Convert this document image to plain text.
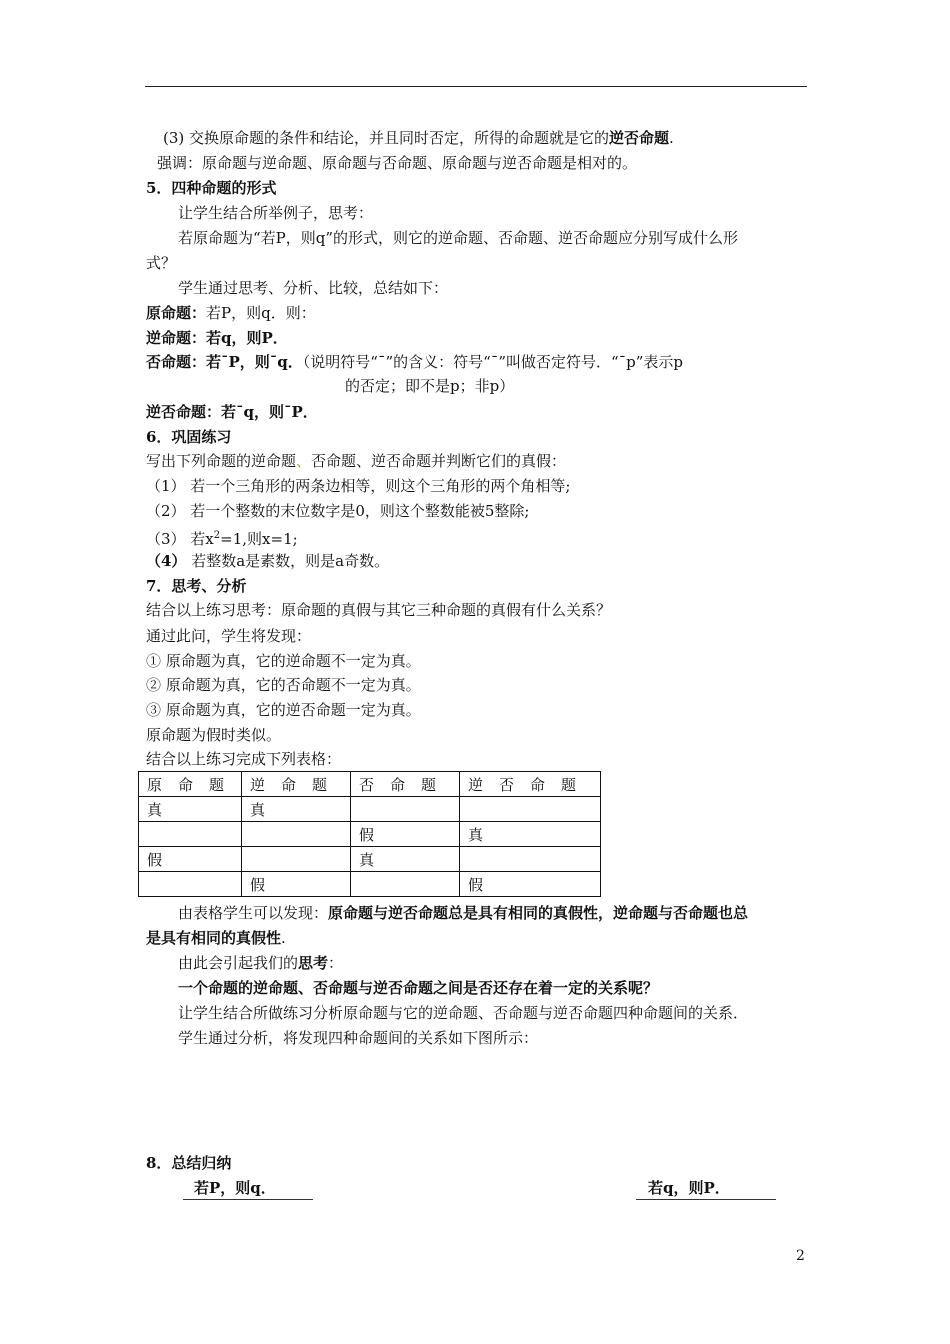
(3) 交换原命题的条件和结论，并且同时否定，所得的命题就是它的逆否命题.
强调：原命题与逆命题、原命题与否命题、原命题与逆否命题是相对的。
5．四种命题的形式
让学生结合所举例子，思考：
若原命题为“若P，则q”的形式，则它的逆命题、否命题、逆否命题应分别写成什么形
式？
学生通过思考、分析、比较，总结如下：
原命题：若P，则q．则：
逆命题：若q，则P．
否命题：若¯P，则¯q．（说明符号“¯”的含义：符号“¯”叫做否定符号．“¯p”表示p
的否定；即不是p；非p）
逆否命题：若¯q，则¯P．
6．巩固练习
写出下列命题的逆命题、否命题、逆否命题并判断它们的真假：
（1） 若一个三角形的两条边相等，则这个三角形的两个角相等;
（2） 若一个整数的末位数字是0，则这个整数能被5整除;
（3） 若$x^2=1$,则x=1;
（4） 若整数a是素数，则是a奇数。
7．思考、分析
结合以上练习思考：原命题的真假与其它三种命题的真假有什么关系？
通过此问，学生将发现：
① 原命题为真，它的逆命题不一定为真。
② 原命题为真，它的否命题不一定为真。
③ 原命题为真，它的逆否命题一定为真。
原命题为假时类似。
结合以上练习完成下列表格：
原命题	逆命题	否命题	逆否命题
真	真		
		假	真
假		真	
	假		假
由表格学生可以发现：原命题与逆否命题总是具有相同的真假性，逆命题与否命题也总
是具有相同的真假性.
由此会引起我们的思考：
一个命题的逆命题、否命题与逆否命题之间是否还存在着一定的关系呢？
让学生结合所做练习分析原命题与它的逆命题、否命题与逆否命题四种命题间的关系．
学生通过分析，将发现四种命题间的关系如下图所示：
8．总结归纳
若P，则q．	若q，则P．
2
